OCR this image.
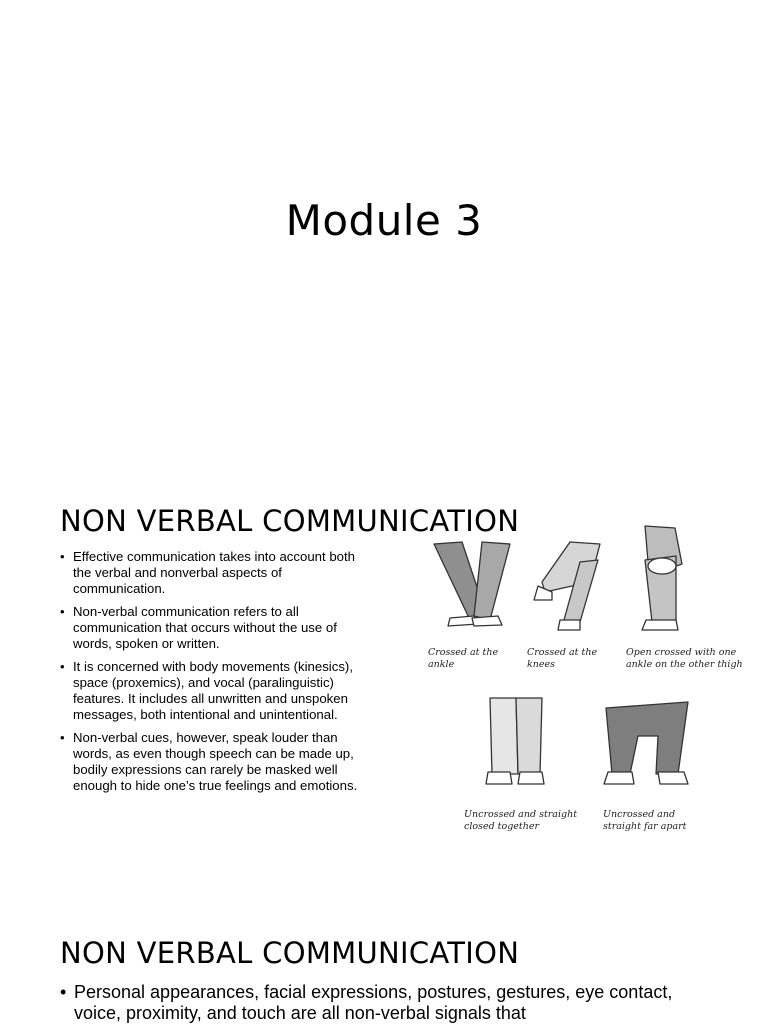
Module 3
NON VERBAL COMMUNICATION
• Effective communication takes into account both the verbal and nonverbal aspects of communication.
• Non-verbal communication refers to all communication that occurs without the use of words, spoken or written.
• It is concerned with body movements (kinesics), space (proxemics), and vocal (paralinguistic) features. It includes all unwritten and unspoken messages, both intentional and unintentional.
• Non-verbal cues, however, speak louder than words, as even though speech can be made up, bodily expressions can rarely be masked well enough to hide one’s true feelings and emotions.
Crossed at the
ankle
Crossed at the
knees
Open crossed with one
ankle on the other thigh
Uncrossed and straight
closed together
Uncrossed and
straight far apart
NON VERBAL COMMUNICATION
• Personal appearances, facial expressions, postures, gestures, eye contact, voice, proximity, and touch are all non-verbal signals that
